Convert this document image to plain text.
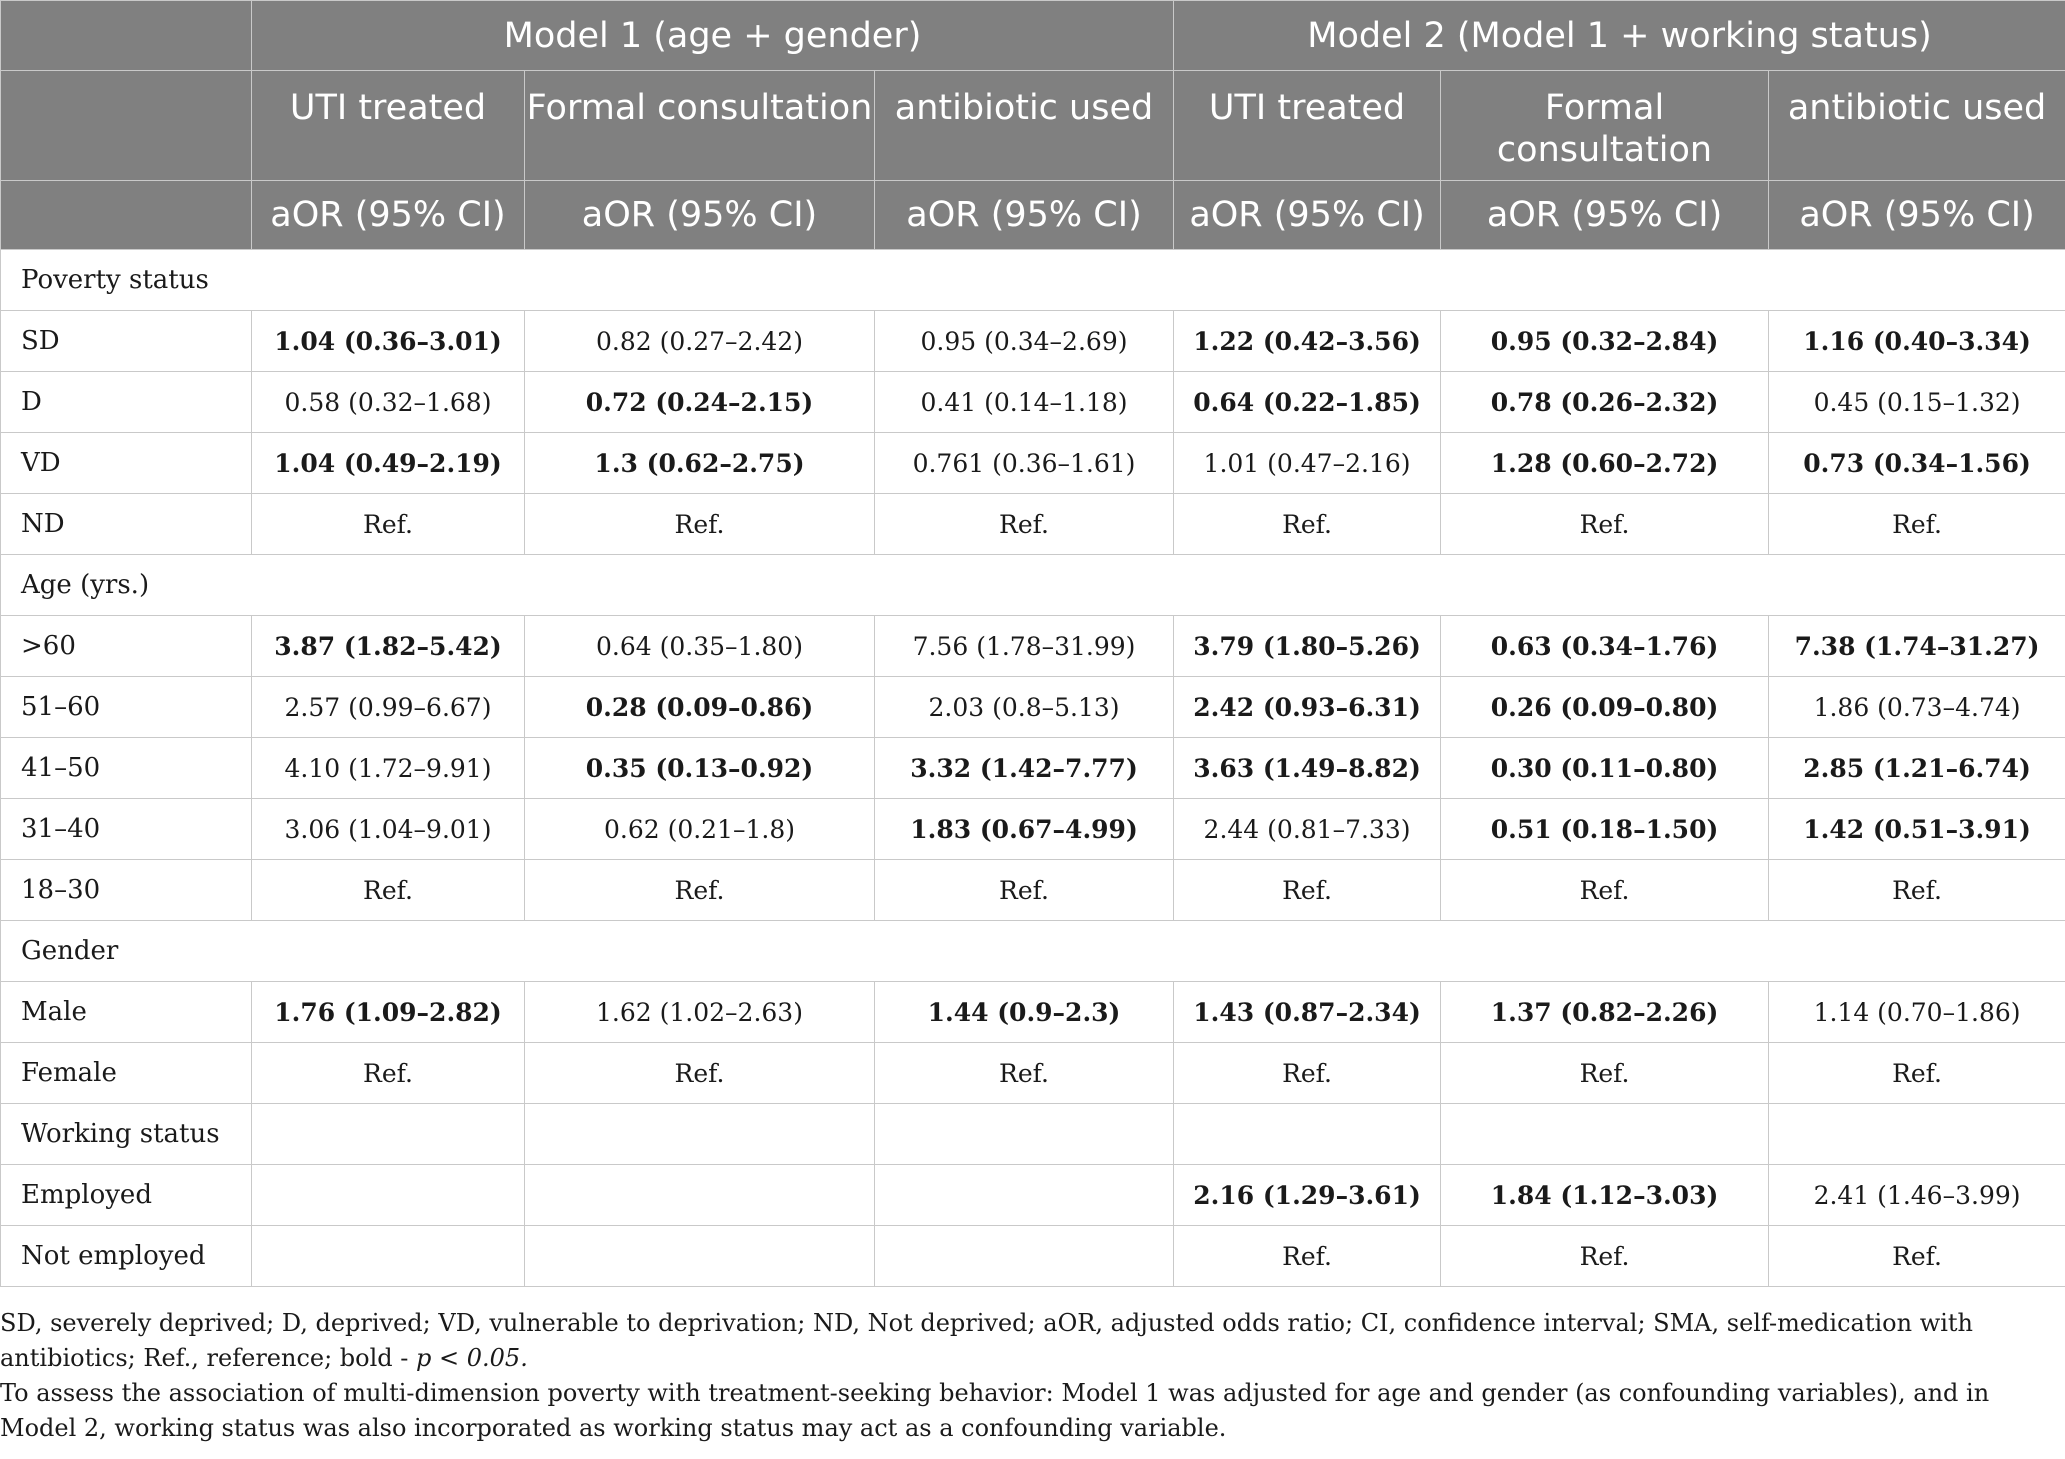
	Model 1 (age + gender)			Model 2 (Model 1 + working status)		
	UTI treated	Formal consultation	antibiotic used	UTI treated	Formal consultation	antibiotic used
	aOR (95% CI)	aOR (95% CI)	aOR (95% CI)	aOR (95% CI)	aOR (95% CI)	aOR (95% CI)
Poverty status						
SD	1.04 (0.36–3.01)	0.82 (0.27–2.42)	0.95 (0.34–2.69)	1.22 (0.42–3.56)	0.95 (0.32–2.84)	1.16 (0.40–3.34)
D	0.58 (0.32–1.68)	0.72 (0.24–2.15)	0.41 (0.14–1.18)	0.64 (0.22–1.85)	0.78 (0.26–2.32)	0.45 (0.15–1.32)
VD	1.04 (0.49–2.19)	1.3 (0.62–2.75)	0.761 (0.36–1.61)	1.01 (0.47–2.16)	1.28 (0.60–2.72)	0.73 (0.34–1.56)
ND	Ref.	Ref.	Ref.	Ref.	Ref.	Ref.
Age (yrs.)						
>60	3.87 (1.82–5.42)	0.64 (0.35–1.80)	7.56 (1.78–31.99)	3.79 (1.80–5.26)	0.63 (0.34–1.76)	7.38 (1.74–31.27)
51–60	2.57 (0.99–6.67)	0.28 (0.09–0.86)	2.03 (0.8–5.13)	2.42 (0.93–6.31)	0.26 (0.09–0.80)	1.86 (0.73–4.74)
41–50	4.10 (1.72–9.91)	0.35 (0.13–0.92)	3.32 (1.42–7.77)	3.63 (1.49–8.82)	0.30 (0.11–0.80)	2.85 (1.21–6.74)
31–40	3.06 (1.04–9.01)	0.62 (0.21–1.8)	1.83 (0.67–4.99)	2.44 (0.81–7.33)	0.51 (0.18–1.50)	1.42 (0.51–3.91)
18–30	Ref.	Ref.	Ref.	Ref.	Ref.	Ref.
Gender						
Male	1.76 (1.09–2.82)	1.62 (1.02–2.63)	1.44 (0.9–2.3)	1.43 (0.87–2.34)	1.37 (0.82–2.26)	1.14 (0.70–1.86)
Female	Ref.	Ref.	Ref.	Ref.	Ref.	Ref.
Working status						
Employed				2.16 (1.29–3.61)	1.84 (1.12–3.03)	2.41 (1.46–3.99)
Not employed				Ref.	Ref.	Ref.

SD, severely deprived; D, deprived; VD, vulnerable to deprivation; ND, Not deprived; aOR, adjusted odds ratio; CI, confidence interval; SMA, self-medication with antibiotics; Ref., reference; bold - p < 0.05.

To assess the association of multi-dimension poverty with treatment-seeking behavior: Model 1 was adjusted for age and gender (as confounding variables), and in Model 2, working status was also incorporated as working status may act as a confounding variable.
